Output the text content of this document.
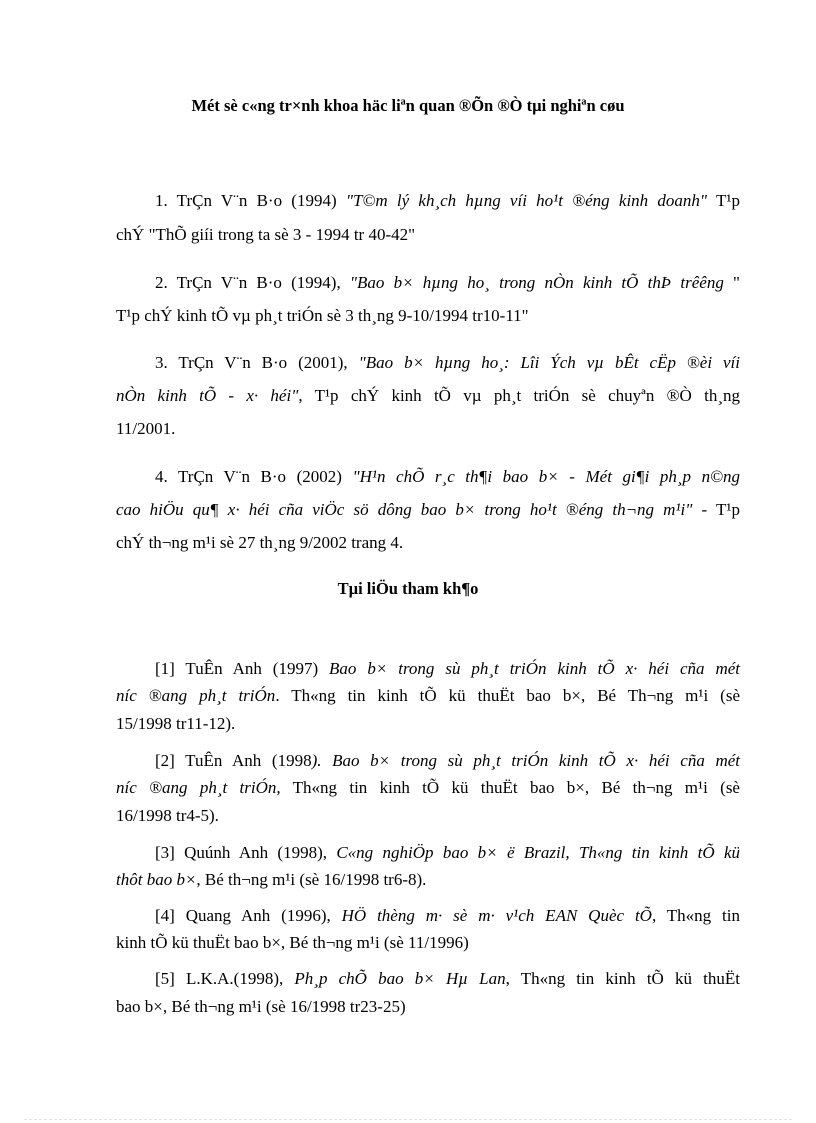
Mét sè c«ng tr×nh khoa häc liªn quan ®Õn ®Ò tµi nghiªn cøu
1. TrÇn V¨n B·o (1994) "T©m lý kh¸ch hµng víi ho¹t ®éng kinh doanh" T¹p
chÝ "ThÕ giíi trong ta sè 3 - 1994 tr 40-42"
2. TrÇn V¨n B·o (1994), "Bao b× hµng ho¸ trong nÒn kinh tÕ thÞ trêêng "
T¹p chÝ kinh tÕ vµ ph¸t triÓn sè 3 th¸ng 9-10/1994 tr10-11"
3. TrÇn V¨n B·o (2001), "Bao b× hµng ho¸: Lîi Ých vµ bÊt cËp ®èi víi
nÒn kinh tÕ - x· héi", T¹p chÝ kinh tÕ vµ ph¸t triÓn sè chuyªn ®Ò th¸ng
11/2001.
4. TrÇn V¨n B·o (2002) "H¹n chÕ r¸c th¶i bao b× - Mét gi¶i ph¸p n©ng
cao hiÖu qu¶ x· héi cña viÖc sö dông bao b× trong ho¹t ®éng th¬ng m¹i" - T¹p
chÝ th¬ng m¹i sè 27 th¸ng 9/2002 trang 4.
Tµi liÖu tham kh¶o
[1] TuÊn Anh (1997) Bao b× trong sù ph¸t triÓn kinh tÕ x· héi cña mét
níc ®ang ph¸t triÓn. Th«ng tin kinh tÕ kü thuËt bao b×, Bé Th¬ng m¹i (sè
15/1998 tr11-12).
[2] TuÊn Anh (1998). Bao b× trong sù ph¸t triÓn kinh tÕ x· héi cña mét
níc ®ang ph¸t triÓn, Th«ng tin kinh tÕ kü thuËt bao b×, Bé th¬ng m¹i (sè
16/1998 tr4-5).
[3] Quúnh Anh (1998), C«ng nghiÖp bao b× ë Brazil, Th«ng tin kinh tÕ kü
thôt bao b×, Bé th¬ng m¹i (sè 16/1998 tr6-8).
[4] Quang Anh (1996), HÖ thèng m· sè m· v¹ch EAN Quèc tÕ, Th«ng tin
kinh tÕ kü thuËt bao b×, Bé th¬ng m¹i (sè 11/1996)
[5] L.K.A.(1998), Ph¸p chÕ bao b× Hµ Lan, Th«ng tin kinh tÕ kü thuËt
bao b×, Bé th¬ng m¹i (sè 16/1998 tr23-25)
